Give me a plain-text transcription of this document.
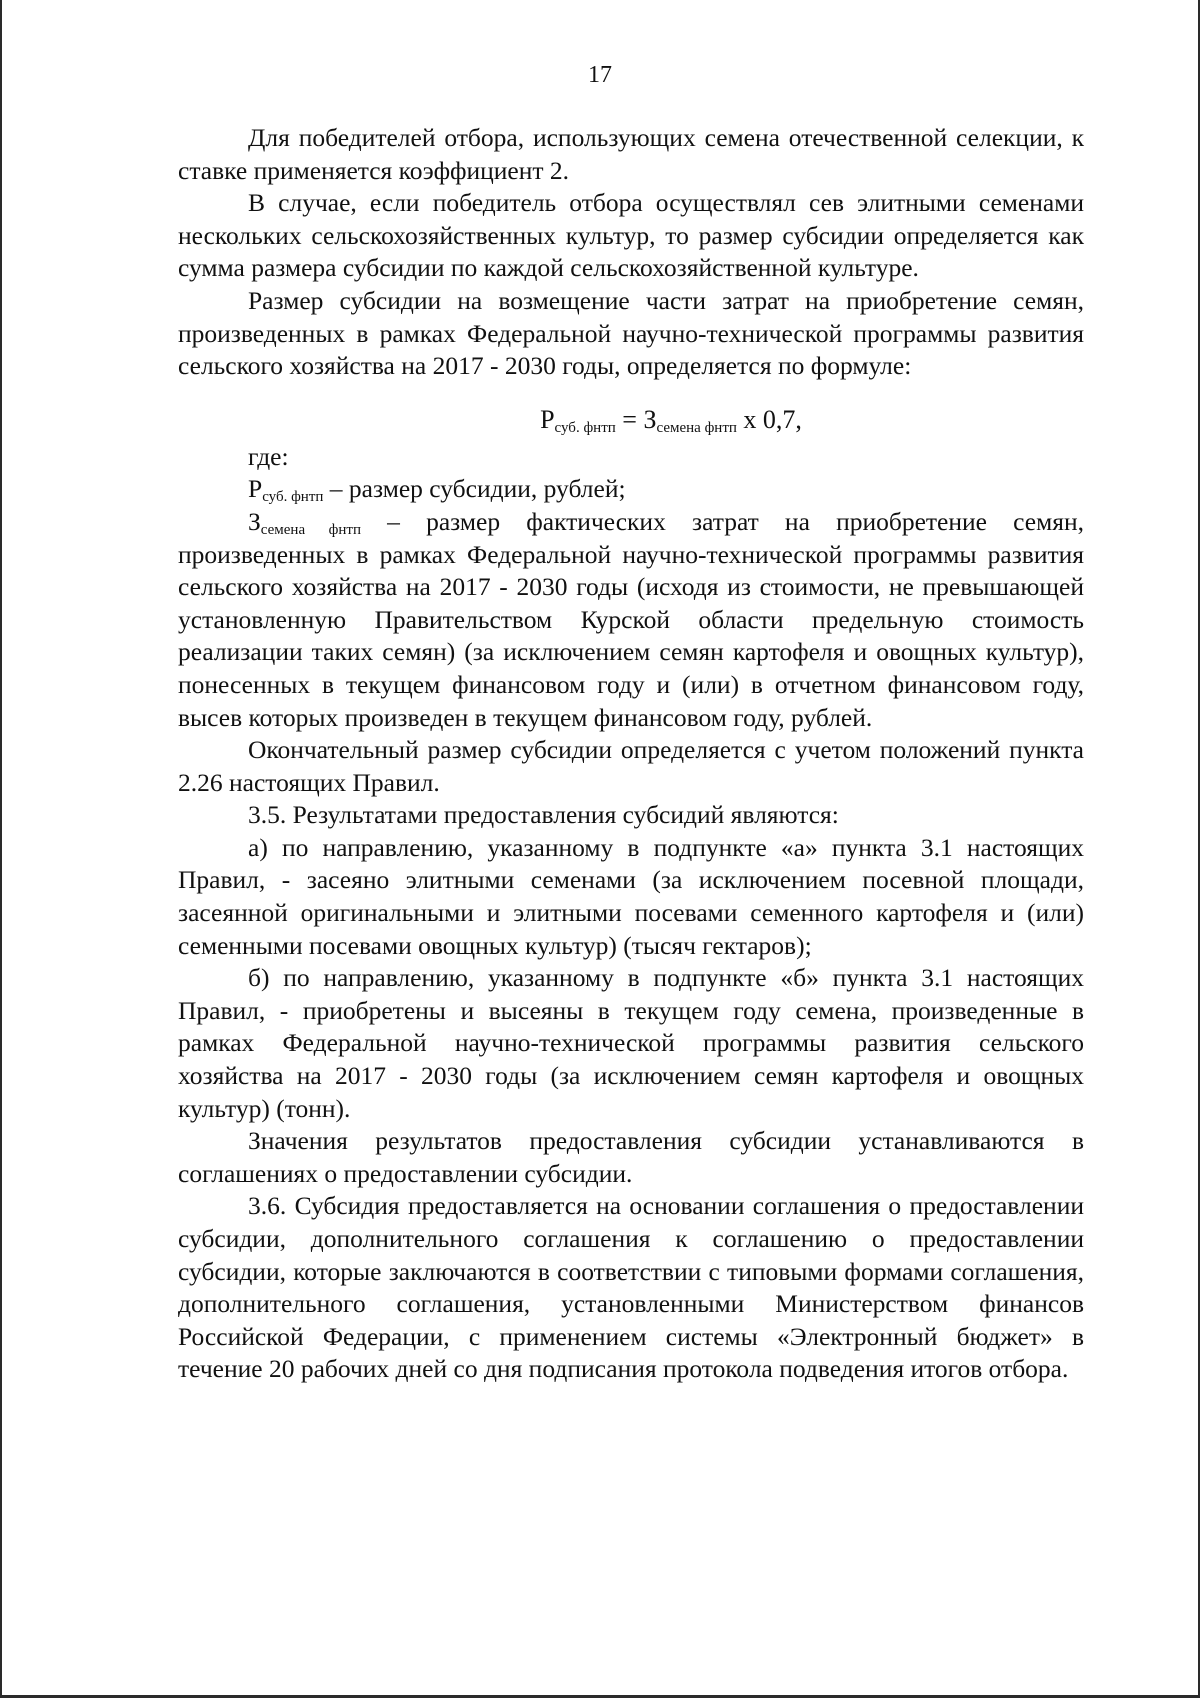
17

Для победителей отбора, использующих семена отечественной селекции, к ставке применяется коэффициент 2.

В случае, если победитель отбора осуществлял сев элитными семенами нескольких сельскохозяйственных культур, то размер субсидии определяется как сумма размера субсидии по каждой сельскохозяйственной культуре.

Размер субсидии на возмещение части затрат на приобретение семян, произведенных в рамках Федеральной научно-технической программы развития сельского хозяйства на 2017 - 2030 годы, определяется по формуле:

$Р_{суб. фнтп} = З_{семена фнтп}$ х 0,7,

где:

$Р_{суб. фнтп}$ – размер субсидии, рублей;

$З_{семена фнтп}$ – размер фактических затрат на приобретение семян, произведенных в рамках Федеральной научно-технической программы развития сельского хозяйства на 2017 - 2030 годы (исходя из стоимости, не превышающей установленную Правительством Курской области предельную стоимость реализации таких семян) (за исключением семян картофеля и овощных культур), понесенных в текущем финансовом году и (или) в отчетном финансовом году, высев которых произведен в текущем финансовом году, рублей.

Окончательный размер субсидии определяется с учетом положений пункта 2.26 настоящих Правил.

3.5. Результатами предоставления субсидий являются:

а) по направлению, указанному в подпункте «а» пункта 3.1 настоящих Правил, - засеяно элитными семенами (за исключением посевной площади, засеянной оригинальными и элитными посевами семенного картофеля и (или) семенными посевами овощных культур) (тысяч гектаров);

б) по направлению, указанному в подпункте «б» пункта 3.1 настоящих Правил, - приобретены и высеяны в текущем году семена, произведенные в рамках Федеральной научно-технической программы развития сельского хозяйства на 2017 - 2030 годы (за исключением семян картофеля и овощных культур) (тонн).

Значения результатов предоставления субсидии устанавливаются в соглашениях о предоставлении субсидии.

3.6. Субсидия предоставляется на основании соглашения о предоставлении субсидии, дополнительного соглашения к соглашению о предоставлении субсидии, которые заключаются в соответствии с типовыми формами соглашения, дополнительного соглашения, установленными Министерством финансов Российской Федерации, с применением системы «Электронный бюджет» в течение 20 рабочих дней со дня подписания протокола подведения итогов отбора.
